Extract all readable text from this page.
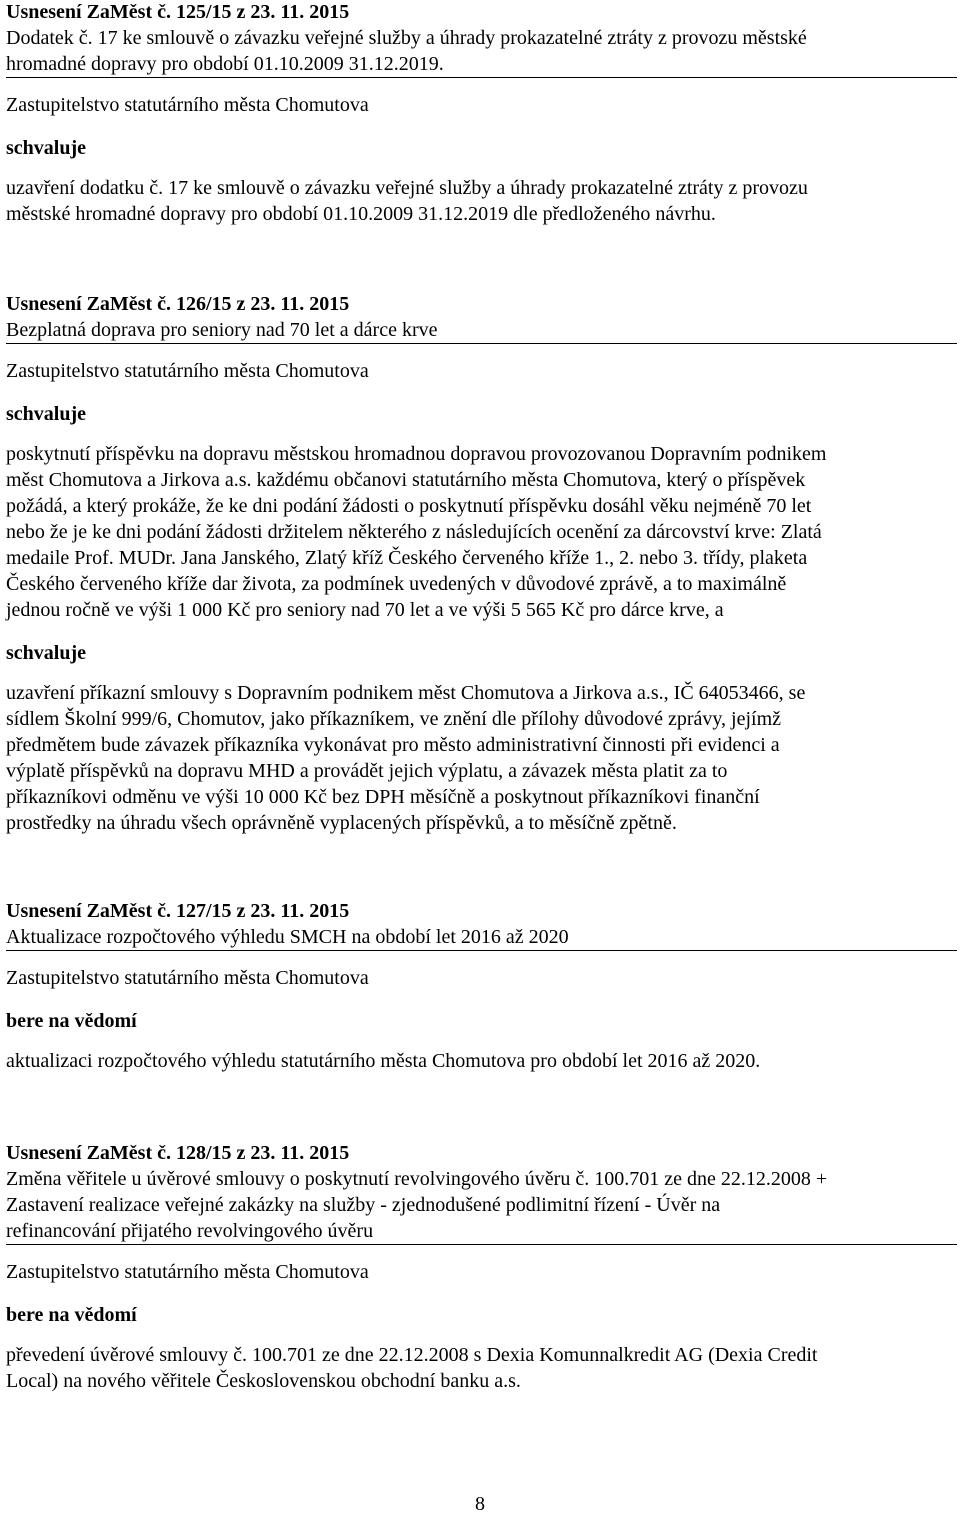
Usnesení ZaMěst č. 125/15 z 23. 11. 2015

Dodatek č. 17 ke smlouvě o závazku veřejné služby a úhrady prokazatelné ztráty z provozu městské
hromadné dopravy pro období 01.10.2009 31.12.2019.

Zastupitelstvo statutárního města Chomutova

schvaluje

uzavření dodatku č. 17 ke smlouvě o závazku veřejné služby a úhrady prokazatelné ztráty z provozu
městské hromadné dopravy pro období 01.10.2009 31.12.2019 dle předloženého návrhu.

Usnesení ZaMěst č. 126/15 z 23. 11. 2015

Bezplatná doprava pro seniory nad 70 let a dárce krve

Zastupitelstvo statutárního města Chomutova

schvaluje

poskytnutí příspěvku na dopravu městskou hromadnou dopravou provozovanou Dopravním podnikem
měst Chomutova a Jirkova a.s. každému občanovi statutárního města Chomutova, který o příspěvek
požádá, a který prokáže, že ke dni podání žádosti o poskytnutí příspěvku dosáhl věku nejméně 70 let
nebo že je ke dni podání žádosti držitelem některého z následujících ocenění za dárcovství krve: Zlatá
medaile Prof. MUDr. Jana Janského, Zlatý kříž Českého červeného kříže 1., 2. nebo 3. třídy, plaketa
Českého červeného kříže dar života, za podmínek uvedených v důvodové zprávě, a to maximálně
jednou ročně ve výši 1 000 Kč pro seniory nad 70 let a ve výši 5 565 Kč pro dárce krve, a

schvaluje

uzavření příkazní smlouvy s Dopravním podnikem měst Chomutova a Jirkova a.s., IČ 64053466, se
sídlem Školní 999/6, Chomutov, jako příkazníkem, ve znění dle přílohy důvodové zprávy, jejímž
předmětem bude závazek příkazníka vykonávat pro město administrativní činnosti při evidenci a
výplatě příspěvků na dopravu MHD a provádět jejich výplatu, a závazek města platit za to
příkazníkovi odměnu ve výši 10 000 Kč bez DPH měsíčně a poskytnout příkazníkovi finanční
prostředky na úhradu všech oprávněně vyplacených příspěvků, a to měsíčně zpětně.

Usnesení ZaMěst č. 127/15 z 23. 11. 2015

Aktualizace rozpočtového výhledu SMCH na období let 2016 až 2020

Zastupitelstvo statutárního města Chomutova

bere na vědomí

aktualizaci rozpočtového výhledu statutárního města Chomutova pro období let 2016 až 2020.

Usnesení ZaMěst č. 128/15 z 23. 11. 2015

Změna věřitele u úvěrové smlouvy o poskytnutí revolvingového úvěru č. 100.701 ze dne 22.12.2008 +
Zastavení realizace veřejné zakázky na služby - zjednodušené podlimitní řízení - Úvěr na
refinancování přijatého revolvingového úvěru

Zastupitelstvo statutárního města Chomutova

bere na vědomí

převedení úvěrové smlouvy č. 100.701 ze dne 22.12.2008 s Dexia Komunnalkredit AG (Dexia Credit
Local) na nového věřitele Československou obchodní banku a.s.
8
